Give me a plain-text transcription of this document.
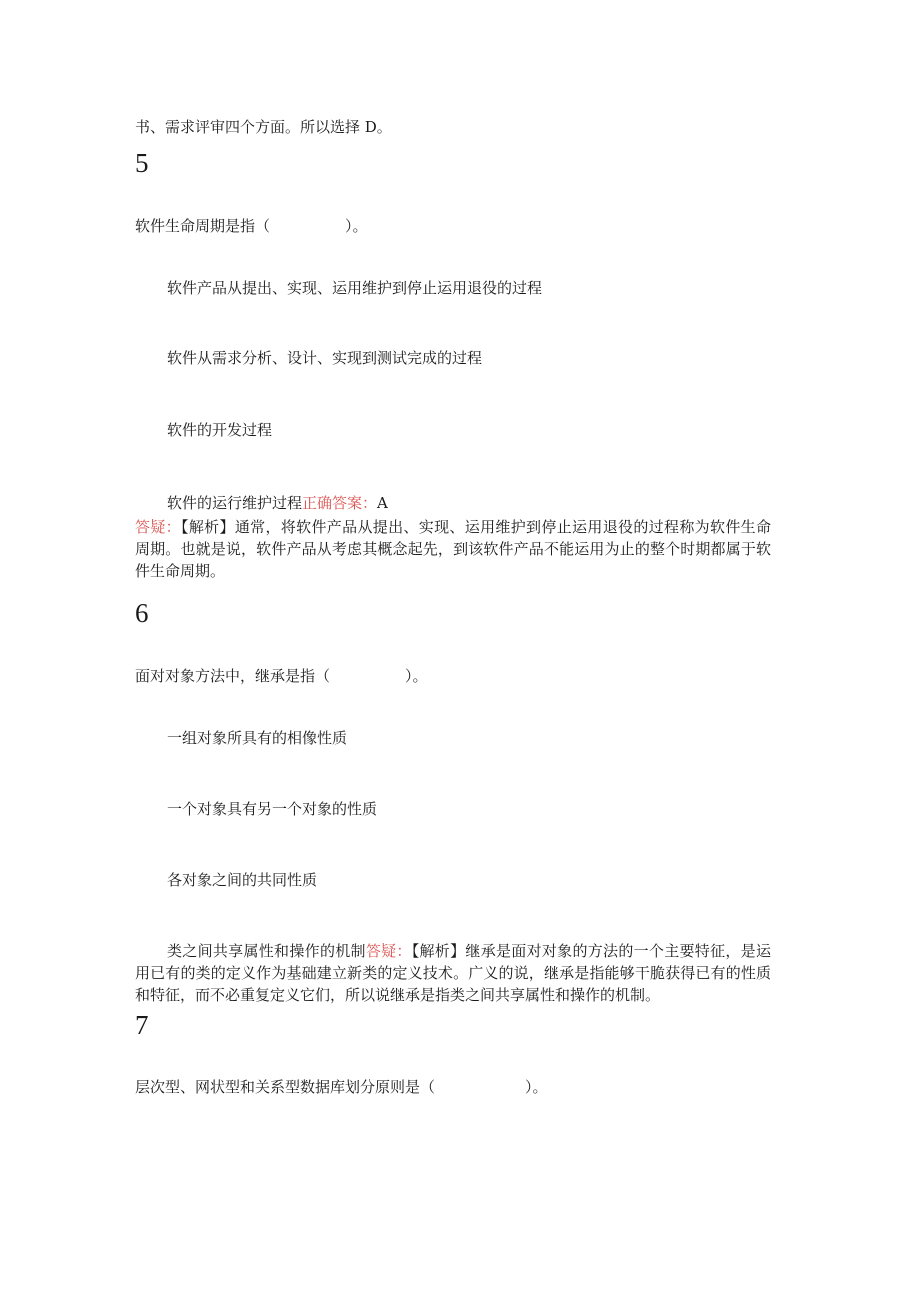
书、需求评审四个方面。所以选择 D。
5
软件生命周期是指（　　　　　）。
软件产品从提出、实现、运用维护到停止运用退役的过程
软件从需求分析、设计、实现到测试完成的过程
软件的开发过程
软件的运行维护过程正确答案：A
答疑：【解析】通常，将软件产品从提出、实现、运用维护到停止运用退役的过程称为软件生命周期。也就是说，软件产品从考虑其概念起先，到该软件产品不能运用为止的整个时期都属于软件生命周期。
6
面对对象方法中，继承是指（　　　　　）。
一组对象所具有的相像性质
一个对象具有另一个对象的性质
各对象之间的共同性质
类之间共享属性和操作的机制答疑：【解析】继承是面对对象的方法的一个主要特征，是运用已有的类的定义作为基础建立新类的定义技术。广义的说，继承是指能够干脆获得已有的性质和特征，而不必重复定义它们，所以说继承是指类之间共享属性和操作的机制。
7
层次型、网状型和关系型数据库划分原则是（　　　　　　）。
